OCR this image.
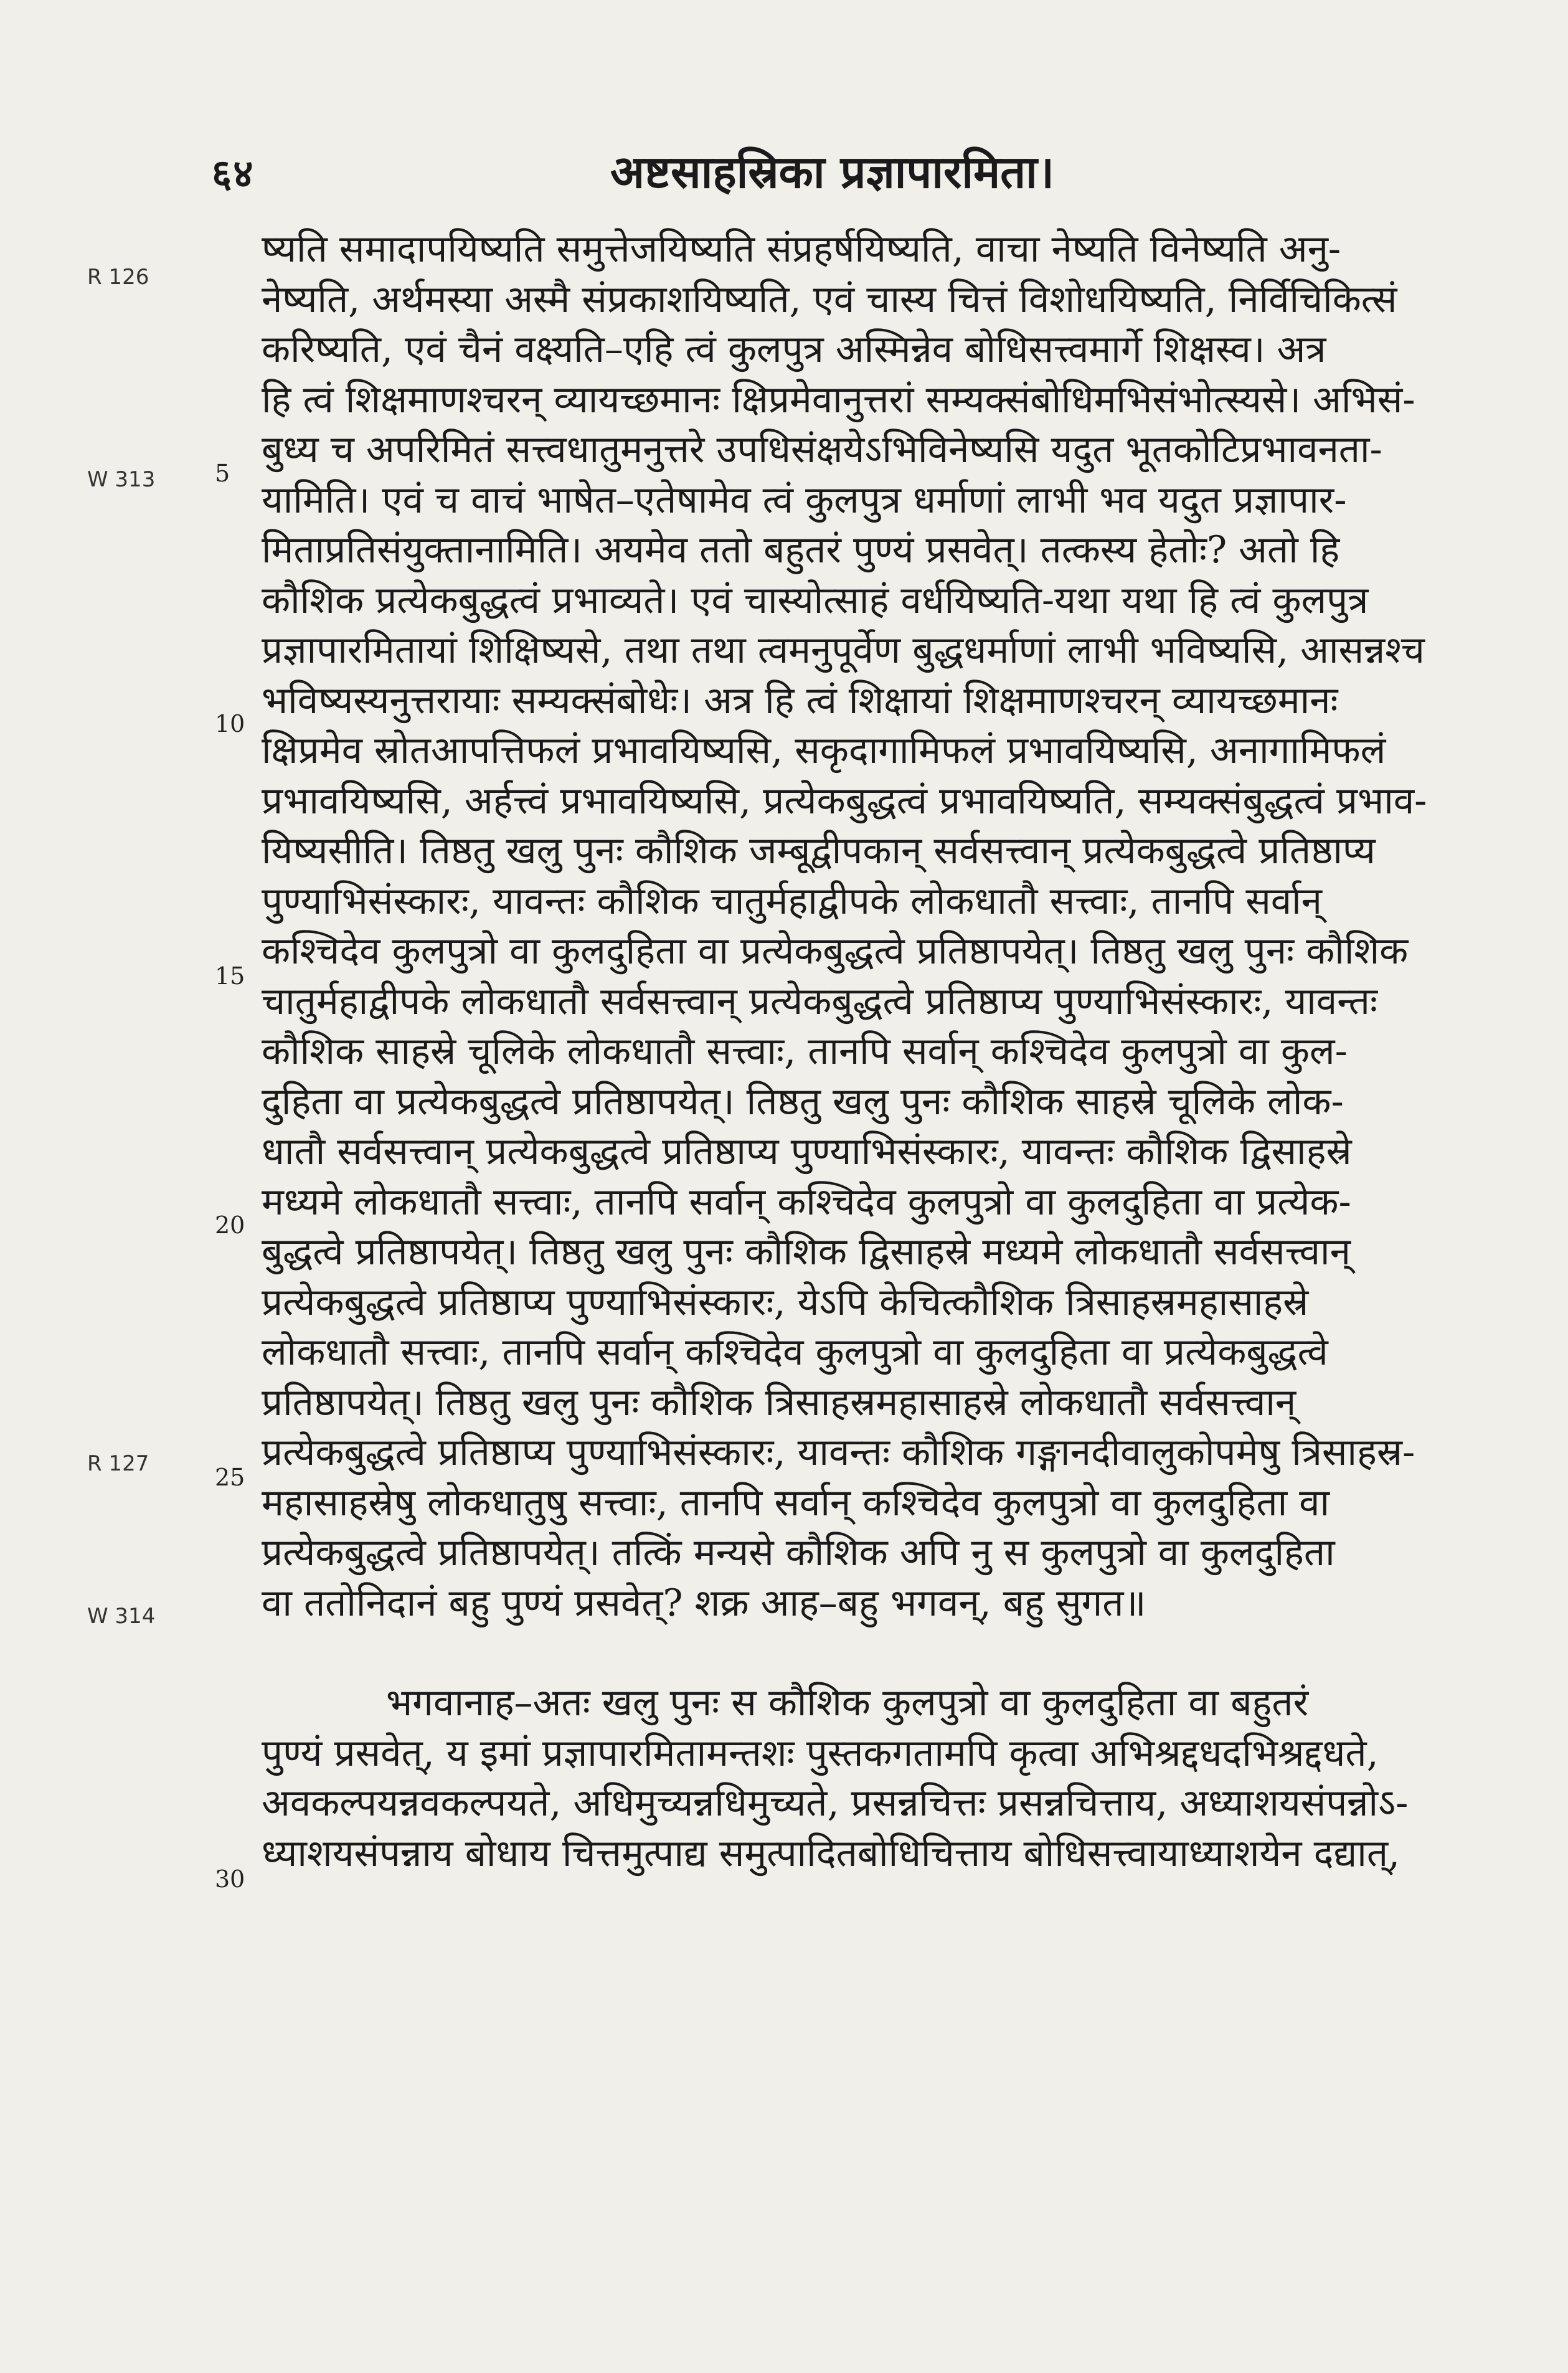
६४	अष्टसाहस्रिका प्रज्ञापारमिता।
R 126
W 313
R 127
W 314
5
10
15
20
25
30
ष्यति समादापयिष्यति समुत्तेजयिष्यति संप्रहर्षयिष्यति, वाचा नेष्यति विनेष्यति अनु-
नेष्यति, अर्थमस्या अस्मै संप्रकाशयिष्यति, एवं चास्य चित्तं विशोधयिष्यति, निर्विचिकित्सं
करिष्यति, एवं चैनं वक्ष्यति–एहि त्वं कुलपुत्र अस्मिन्नेव बोधिसत्त्वमार्गे शिक्षस्व। अत्र
हि त्वं शिक्षमाणश्चरन् व्यायच्छमानः क्षिप्रमेवानुत्तरां सम्यक्संबोधिमभिसंभोत्स्यसे। अभिसं-
बुध्य च अपरिमितं सत्त्वधातुमनुत्तरे उपधिसंक्षयेऽभिविनेष्यसि यदुत भूतकोटिप्रभावनता-
यामिति। एवं च वाचं भाषेत–एतेषामेव त्वं कुलपुत्र धर्माणां लाभी भव यदुत प्रज्ञापार-
मिताप्रतिसंयुक्तानामिति। अयमेव ततो बहुतरं पुण्यं प्रसवेत्। तत्कस्य हेतोः? अतो हि
कौशिक प्रत्येकबुद्धत्वं प्रभाव्यते। एवं चास्योत्साहं वर्धयिष्यति-यथा यथा हि त्वं कुलपुत्र
प्रज्ञापारमितायां शिक्षिष्यसे, तथा तथा त्वमनुपूर्वेण बुद्धधर्माणां लाभी भविष्यसि, आसन्नश्च
भविष्यस्यनुत्तरायाः सम्यक्संबोधेः। अत्र हि त्वं शिक्षायां शिक्षमाणश्चरन् व्यायच्छमानः
क्षिप्रमेव स्रोतआपत्तिफलं प्रभावयिष्यसि, सकृदागामिफलं प्रभावयिष्यसि, अनागामिफलं
प्रभावयिष्यसि, अर्हत्त्वं प्रभावयिष्यसि, प्रत्येकबुद्धत्वं प्रभावयिष्यति, सम्यक्संबुद्धत्वं प्रभाव-
यिष्यसीति। तिष्ठतु खलु पुनः कौशिक जम्बूद्वीपकान् सर्वसत्त्वान् प्रत्येकबुद्धत्वे प्रतिष्ठाप्य
पुण्याभिसंस्कारः, यावन्तः कौशिक चातुर्महाद्वीपके लोकधातौ सत्त्वाः, तानपि सर्वान्
कश्चिदेव कुलपुत्रो वा कुलदुहिता वा प्रत्येकबुद्धत्वे प्रतिष्ठापयेत्। तिष्ठतु खलु पुनः कौशिक
चातुर्महाद्वीपके लोकधातौ सर्वसत्त्वान् प्रत्येकबुद्धत्वे प्रतिष्ठाप्य पुण्याभिसंस्कारः, यावन्तः
कौशिक साहस्रे चूलिके लोकधातौ सत्त्वाः, तानपि सर्वान् कश्चिदेव कुलपुत्रो वा कुल-
दुहिता वा प्रत्येकबुद्धत्वे प्रतिष्ठापयेत्। तिष्ठतु खलु पुनः कौशिक साहस्रे चूलिके लोक-
धातौ सर्वसत्त्वान् प्रत्येकबुद्धत्वे प्रतिष्ठाप्य पुण्याभिसंस्कारः, यावन्तः कौशिक द्विसाहस्रे
मध्यमे लोकधातौ सत्त्वाः, तानपि सर्वान् कश्चिदेव कुलपुत्रो वा कुलदुहिता वा प्रत्येक-
बुद्धत्वे प्रतिष्ठापयेत्। तिष्ठतु खलु पुनः कौशिक द्विसाहस्रे मध्यमे लोकधातौ सर्वसत्त्वान्
प्रत्येकबुद्धत्वे प्रतिष्ठाप्य पुण्याभिसंस्कारः, येऽपि केचित्कौशिक त्रिसाहस्रमहासाहस्रे
लोकधातौ सत्त्वाः, तानपि सर्वान् कश्चिदेव कुलपुत्रो वा कुलदुहिता वा प्रत्येकबुद्धत्वे
प्रतिष्ठापयेत्। तिष्ठतु खलु पुनः कौशिक त्रिसाहस्रमहासाहस्रे लोकधातौ सर्वसत्त्वान्
प्रत्येकबुद्धत्वे प्रतिष्ठाप्य पुण्याभिसंस्कारः, यावन्तः कौशिक गङ्गानदीवालुकोपमेषु त्रिसाहस्र-
महासाहस्रेषु लोकधातुषु सत्त्वाः, तानपि सर्वान् कश्चिदेव कुलपुत्रो वा कुलदुहिता वा
प्रत्येकबुद्धत्वे प्रतिष्ठापयेत्। तत्किं मन्यसे कौशिक अपि नु स कुलपुत्रो वा कुलदुहिता
वा ततोनिदानं बहु पुण्यं प्रसवेत्? शक्र आह–बहु भगवन्, बहु सुगत॥
भगवानाह–अतः खलु पुनः स कौशिक कुलपुत्रो वा कुलदुहिता वा बहुतरं
पुण्यं प्रसवेत्, य इमां प्रज्ञापारमितामन्तशः पुस्तकगतामपि कृत्वा अभिश्रद्दधदभिश्रद्दधते,
अवकल्पयन्नवकल्पयते, अधिमुच्यन्नधिमुच्यते, प्रसन्नचित्तः प्रसन्नचित्ताय, अध्याशयसंपन्नोऽ-
ध्याशयसंपन्नाय बोधाय चित्तमुत्पाद्य समुत्पादितबोधिचित्ताय बोधिसत्त्वायाध्याशयेन दद्यात्,
